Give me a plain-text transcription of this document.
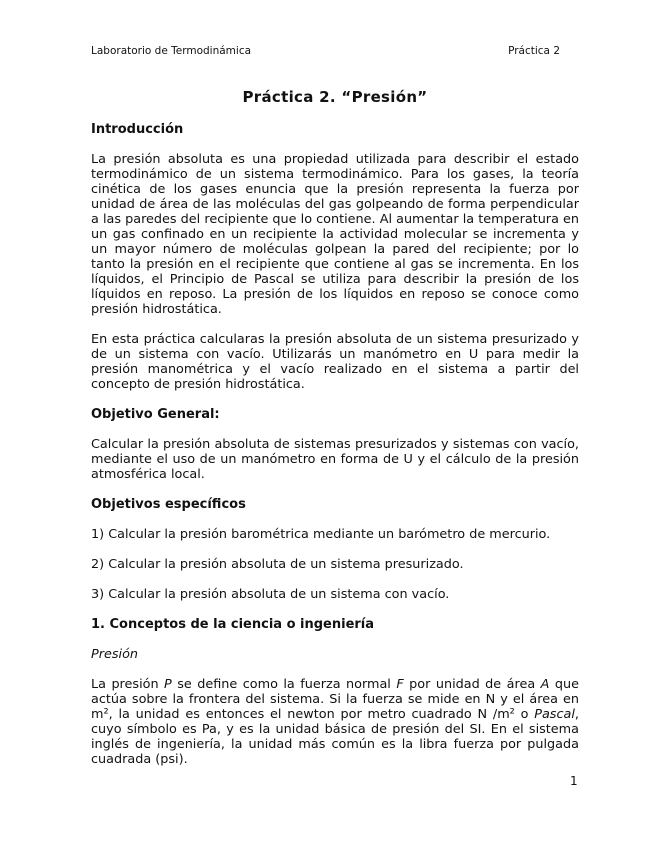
Laboratorio de Termodinámica	Práctica 2
Práctica 2. “Presión”
Introducción

La presión absoluta es una propiedad utilizada para describir el estado termodinámico de un sistema termodinámico. Para los gases, la teoría cinética de los gases enuncia que la presión representa la fuerza por unidad de área de las moléculas del gas golpeando de forma perpendicular a las paredes del recipiente que lo contiene. Al aumentar la temperatura en un gas confinado en un recipiente la actividad molecular se incrementa y un mayor número de moléculas golpean la pared del recipiente; por lo tanto la presión en el recipiente que contiene al gas se incrementa. En los líquidos, el Principio de Pascal se utiliza para describir la presión de los líquidos en reposo. La presión de los líquidos en reposo se conoce como presión hidrostática.

En esta práctica calcularas la presión absoluta de un sistema presurizado y de un sistema con vacío. Utilizarás un manómetro en U para medir la presión manométrica y el vacío realizado en el sistema a partir del concepto de presión hidrostática.

Objetivo General:

Calcular la presión absoluta de sistemas presurizados y sistemas con vacío, mediante el uso de un manómetro en forma de U y el cálculo de la presión atmosférica local.

Objetivos específicos
1) Calcular la presión barométrica mediante un barómetro de mercurio.
2) Calcular la presión absoluta de un sistema presurizado.
3) Calcular la presión absoluta de un sistema con vacío.
1. Conceptos de la ciencia o ingeniería

Presión

La presión P se define como la fuerza normal F por unidad de área A que actúa sobre la frontera del sistema. Si la fuerza se mide en N y el área en m², la unidad es entonces el newton por metro cuadrado N /m² o Pascal, cuyo símbolo es Pa, y es la unidad básica de presión del SI. En el sistema inglés de ingeniería, la unidad más común es la libra fuerza por pulgada cuadrada (psi).

1
